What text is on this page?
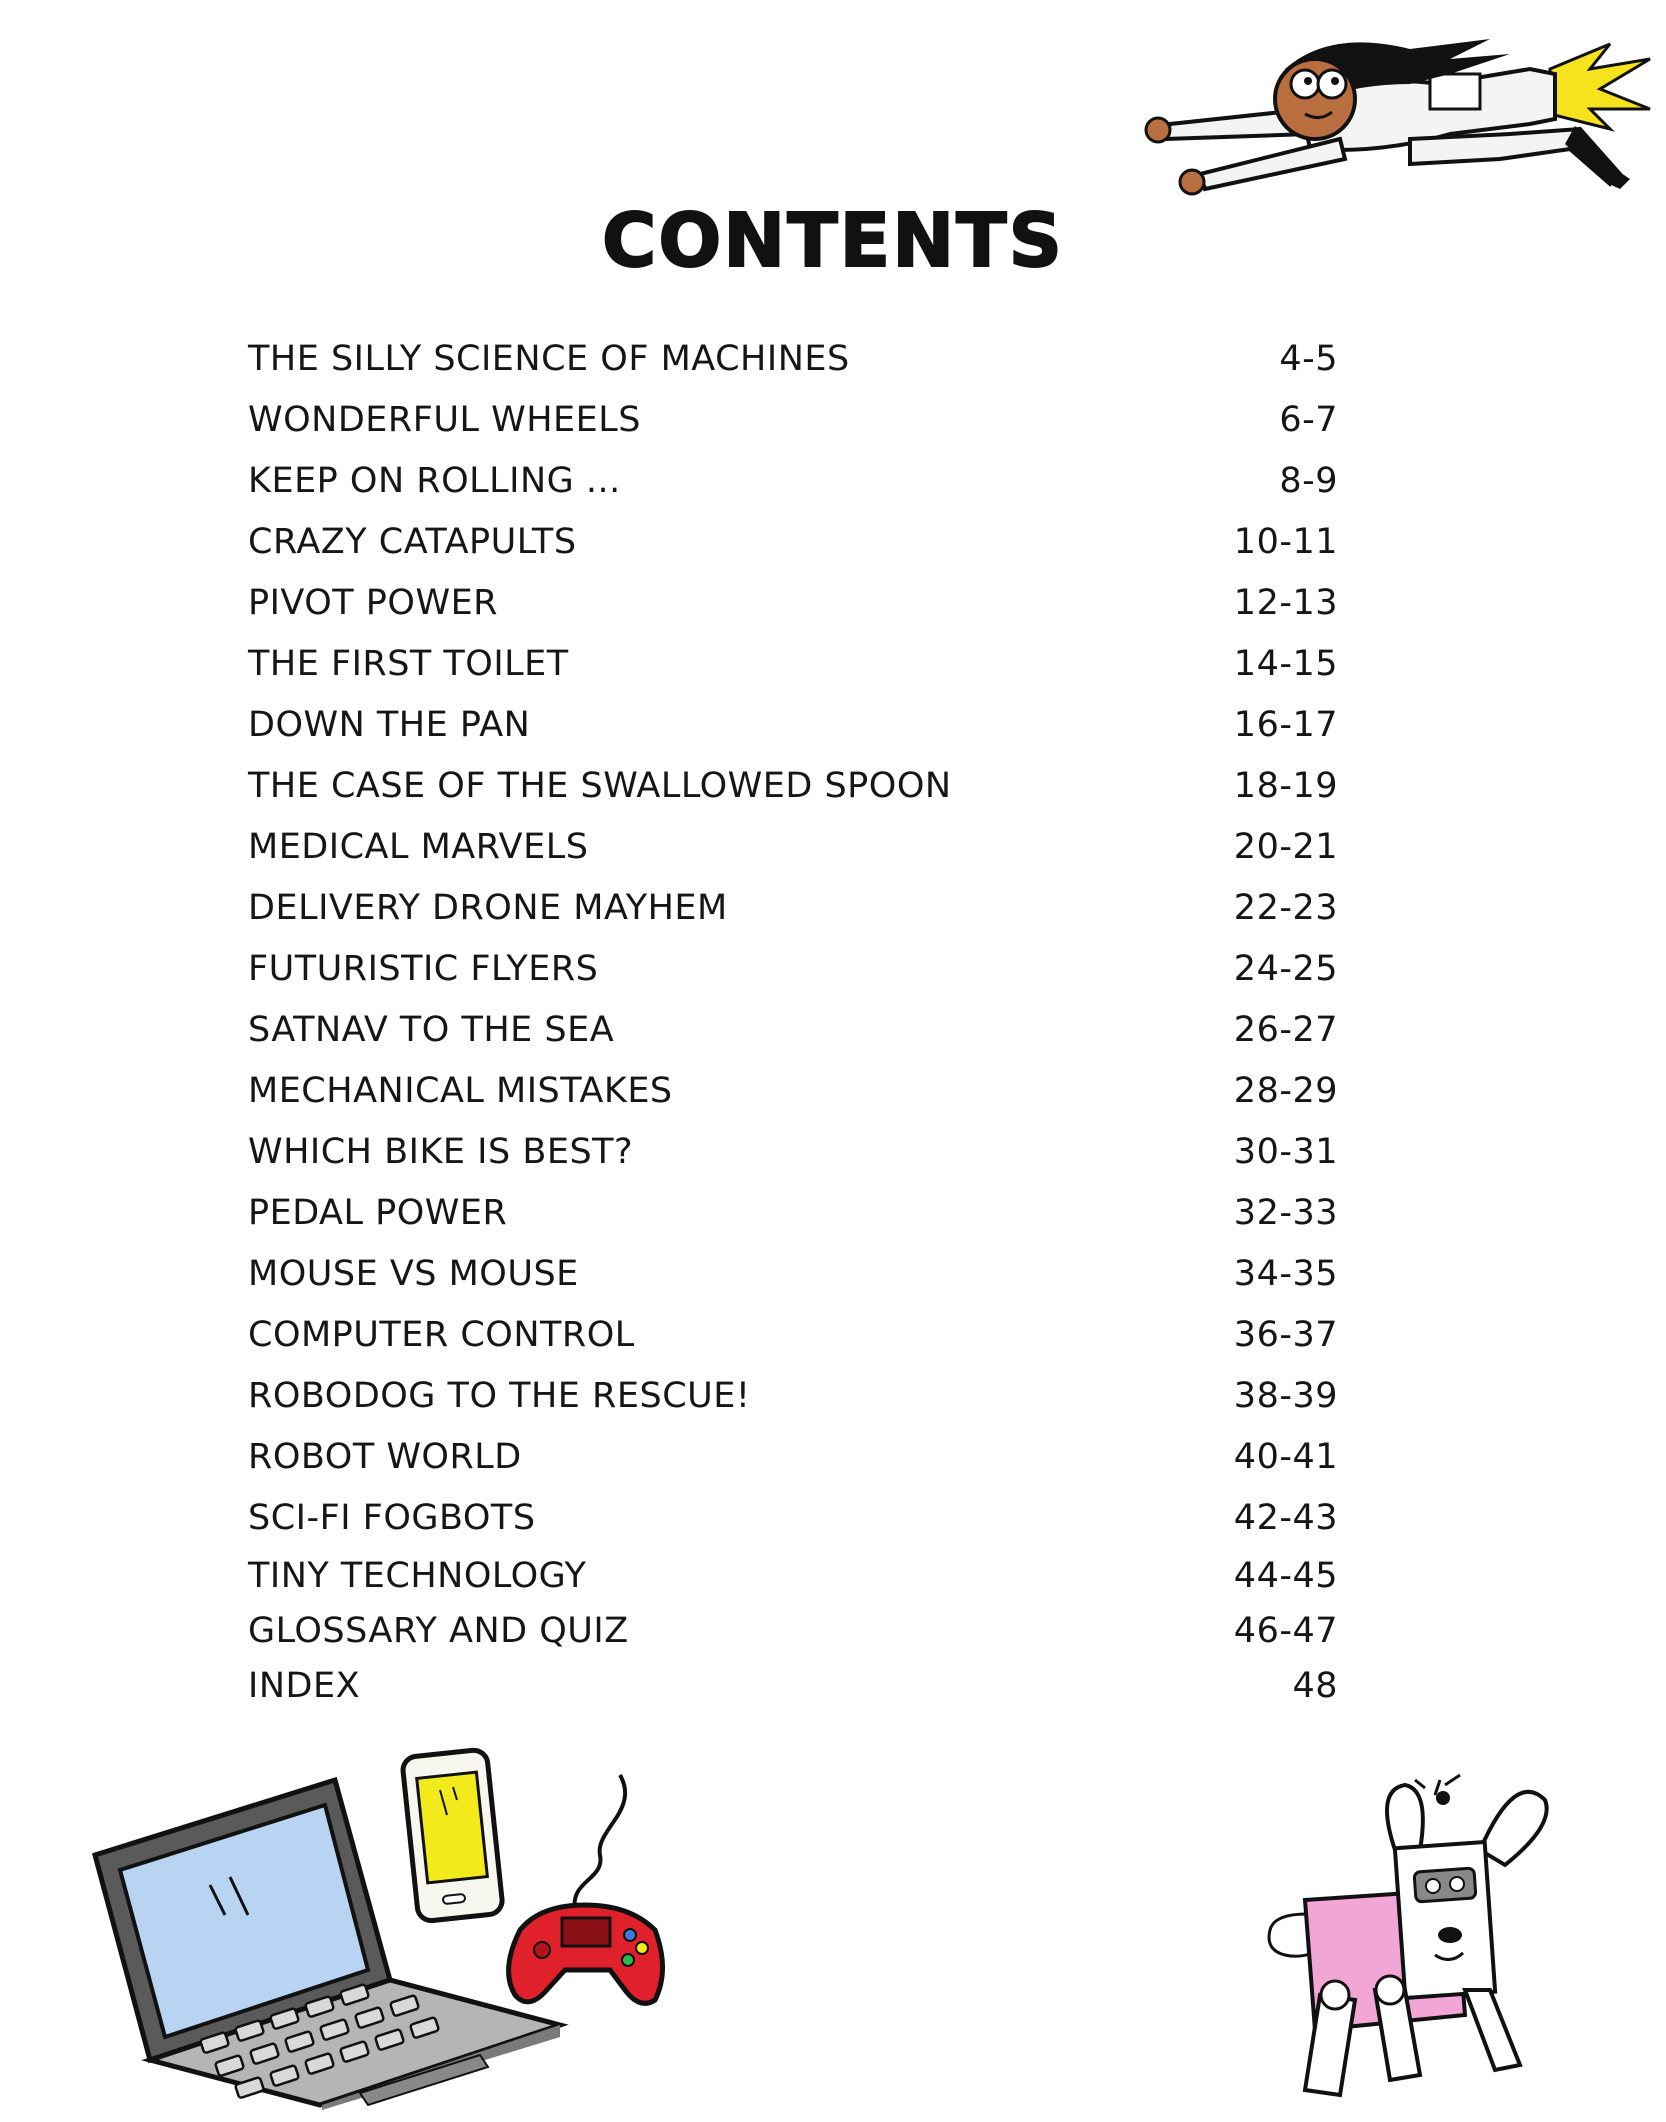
CONTENTS
THE SILLY SCIENCE OF MACHINES	4-5
WONDERFUL WHEELS	6-7
KEEP ON ROLLING ...	8-9
CRAZY CATAPULTS	10-11
PIVOT POWER	12-13
THE FIRST TOILET	14-15
DOWN THE PAN	16-17
THE CASE OF THE SWALLOWED SPOON	18-19
MEDICAL MARVELS	20-21
DELIVERY DRONE MAYHEM	22-23
FUTURISTIC FLYERS	24-25
SATNAV TO THE SEA	26-27
MECHANICAL MISTAKES	28-29
WHICH BIKE IS BEST?	30-31
PEDAL POWER	32-33
MOUSE VS MOUSE	34-35
COMPUTER CONTROL	36-37
ROBODOG TO THE RESCUE!	38-39
ROBOT WORLD	40-41
SCI-FI FOGBOTS	42-43
TINY TECHNOLOGY	44-45
GLOSSARY AND QUIZ	46-47
INDEX	48
